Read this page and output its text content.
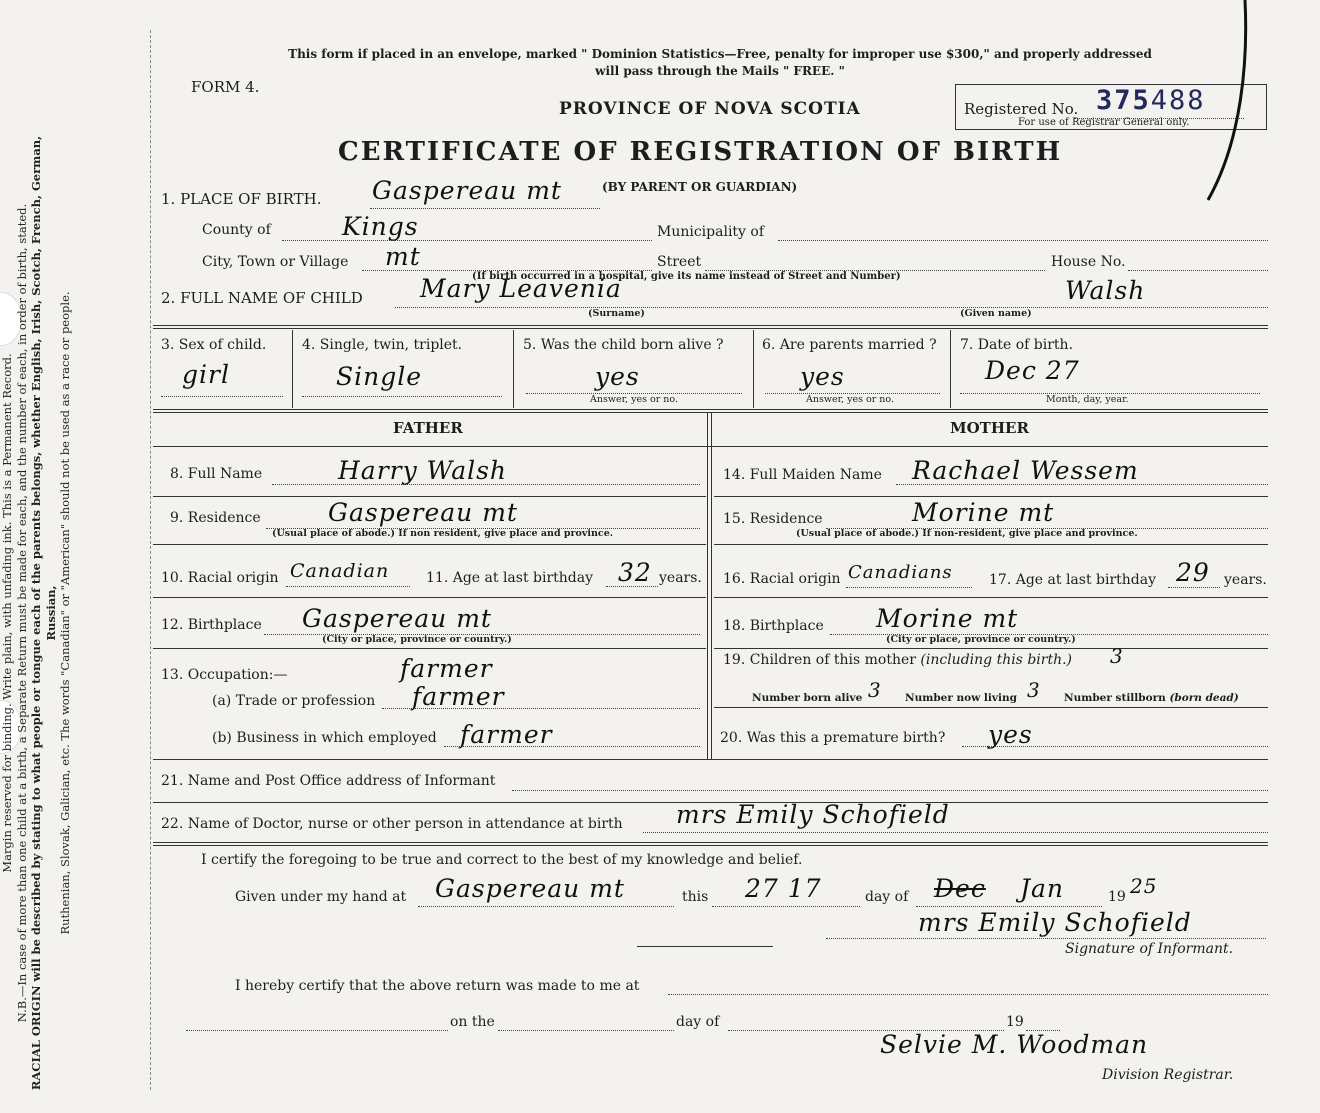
Margin reserved for binding. Write plain, with unfading ink. This is a Permanent Record. N.B.—In case of more than one child at a birth, a Separate Return must be made for each, and the number of each, in order of birth, stated. RACIAL ORIGIN will be described by stating to what people or tongue each of the parents belongs, whether English, Irish, Scotch, French, German, Russian, Ruthenian, Slovak, Galician, etc. The words "Canadian" or "American" should not be used as a race or people.
This form if placed in an envelope, marked " Dominion Statistics—Free, penalty for improper use $300," and properly addressed
will pass through the Mails " FREE. "
FORM 4.
PROVINCE OF NOVA SCOTIA	Registered No. 375488
For use of Registrar General only.
CERTIFICATE OF REGISTRATION OF BIRTH
(BY PARENT OR GUARDIAN)
1. PLACE OF BIRTH. Gaspereau mt
County of	Kings	Municipality of
City, Town or Village mt	Street	House No.
(If birth occurred in a hospital, give its name instead of Street and Number)
2. FULL NAME OF CHILD Mary Leavenia	Walsh
(Surname)	(Given name)
3. Sex of child.
girl
4. Single, twin, triplet.
Single
5. Was the child born alive ?
yes
Answer, yes or no.
6. Are parents married ?
yes
Answer, yes or no.
7. Date of birth.
Dec 27
Month, day, year.
FATHER	MOTHER
8. Full Name	Harry Walsh
9. Residence	Gaspereau mt
(Usual place of abode.) If non resident, give place and province.
10. Racial origin Canadian	11. Age at last birthday 32 years.
12. Birthplace Gaspereau mt
(City or place, province or country.)
13. Occupation:—	farmer
(a) Trade or profession farmer
(b) Business in which employed farmer
14. Full Maiden Name Rachael Wessem
15. Residence	Morine mt
(Usual place of abode.) If non-resident, give place and province.
16. Racial origin Canadians	17. Age at last birthday 29 years.
18. Birthplace Morine mt
(City or place, province or country.)
19. Children of this mother (including this birth.) 3
Number born alive 3 Number now living 3 Number stillborn (born dead)
20. Was this a premature birth? yes
21. Name and Post Office address of Informant
22. Name of Doctor, nurse or other person in attendance at birth mrs Emily Schofield
I certify the foregoing to be true and correct to the best of my knowledge and belief.
Given under my hand at Gaspereau mt	this 27 17	day of Dec Jan	19 25
mrs Emily Schofield
Signature of Informant.
I hereby certify that the above return was made to me at
on the	day of	19
Selvie M. Woodman
Division Registrar.
